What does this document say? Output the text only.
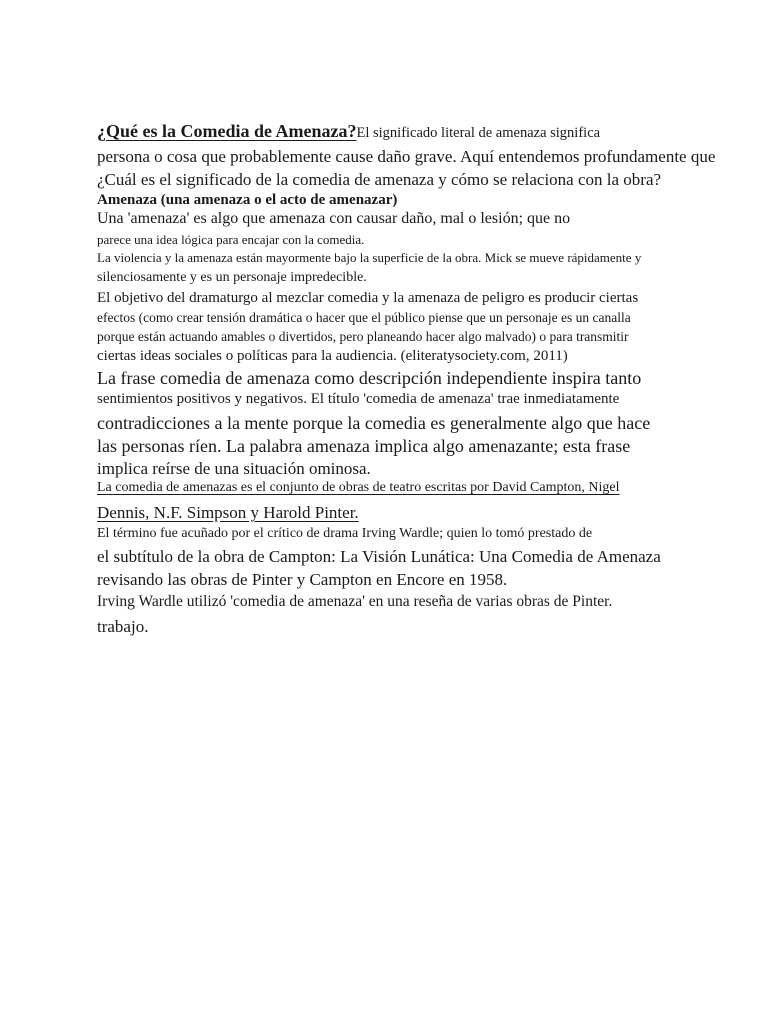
¿Qué es la Comedia de Amenaza?El significado literal de amenaza significa

persona o cosa que probablemente cause daño grave. Aquí entendemos profundamente que

¿Cuál es el significado de la comedia de amenaza y cómo se relaciona con la obra?

Amenaza (una amenaza o el acto de amenazar)

Una 'amenaza' es algo que amenaza con causar daño, mal o lesión; que no

parece una idea lógica para encajar con la comedia.

La violencia y la amenaza están mayormente bajo la superficie de la obra. Mick se mueve rápidamente y

silenciosamente y es un personaje impredecible.

El objetivo del dramaturgo al mezclar comedia y la amenaza de peligro es producir ciertas

efectos (como crear tensión dramática o hacer que el público piense que un personaje es un canalla

porque están actuando amables o divertidos, pero planeando hacer algo malvado) o para transmitir

ciertas ideas sociales o políticas para la audiencia. (eliteratysociety.com, 2011)

La frase comedia de amenaza como descripción independiente inspira tanto

sentimientos positivos y negativos. El título 'comedia de amenaza' trae inmediatamente

contradicciones a la mente porque la comedia es generalmente algo que hace

las personas ríen. La palabra amenaza implica algo amenazante; esta frase

implica reírse de una situación ominosa.

La comedia de amenazas es el conjunto de obras de teatro escritas por David Campton, Nigel

Dennis, N.F. Simpson y Harold Pinter.

El término fue acuñado por el crítico de drama Irving Wardle; quien lo tomó prestado de

el subtítulo de la obra de Campton: La Visión Lunática: Una Comedia de Amenaza

revisando las obras de Pinter y Campton en Encore en 1958.

Irving Wardle utilizó 'comedia de amenaza' en una reseña de varias obras de Pinter.

trabajo.
